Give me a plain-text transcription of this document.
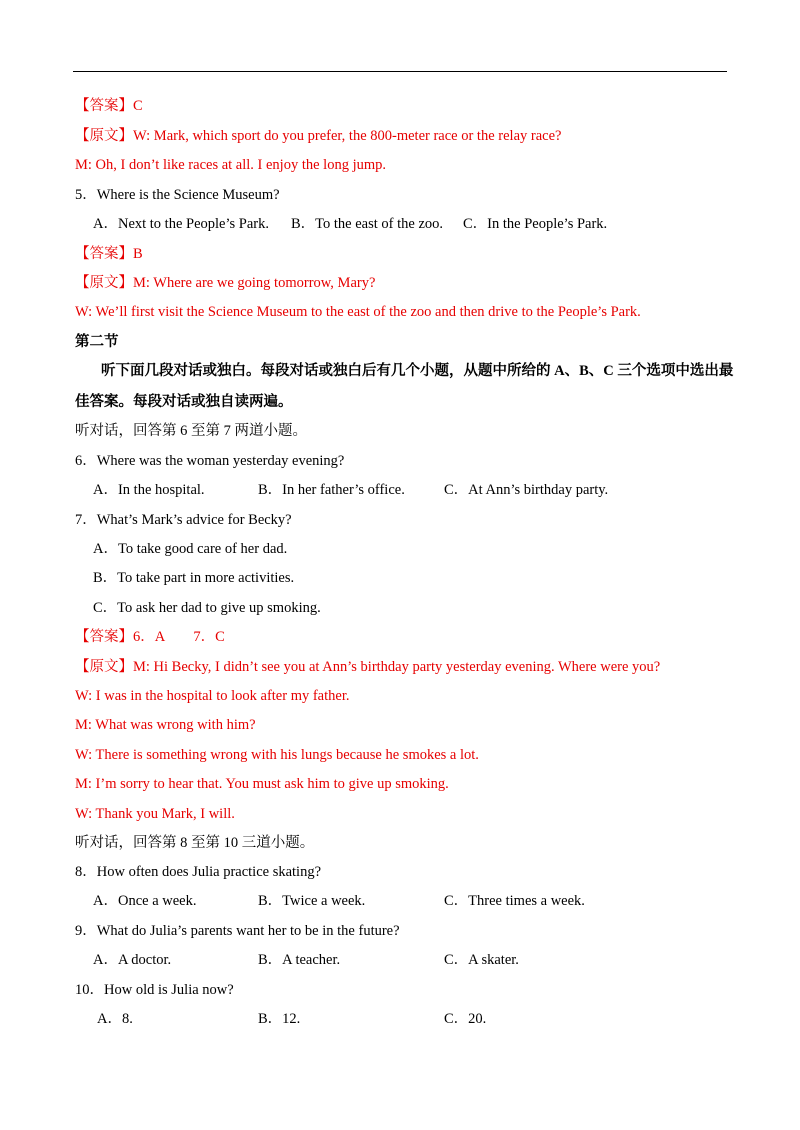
【答案】C
【原文】W: Mark, which sport do you prefer, the 800-meter race or the relay race?
M: Oh, I don’t like races at all. I enjoy the long jump.
5．Where is the Science Museum?
A．Next to the People’s Park. B．To the east of the zoo. C．In the People’s Park.
【答案】B
【原文】M: Where are we going tomorrow, Mary?
W: We’ll first visit the Science Museum to the east of the zoo and then drive to the People’s Park.
第二节
听下面几段对话或独白。每段对话或独白后有几个小题，从题中所给的 A、B、C 三个选项中选出最
佳答案。每段对话或独自读两遍。
听对话，回答第 6 至第 7 两道小题。
6．Where was the woman yesterday evening?
A．In the hospital.	B．In her father’s office.	C．At Ann’s birthday party.
7．What’s Mark’s advice for Becky?
A．To take good care of her dad.
B．To take part in more activities.
C．To ask her dad to give up smoking.
【答案】6．A　　7．C
【原文】M: Hi Becky, I didn’t see you at Ann’s birthday party yesterday evening. Where were you?
W: I was in the hospital to look after my father.
M: What was wrong with him?
W: There is something wrong with his lungs because he smokes a lot.
M: I’m sorry to hear that. You must ask him to give up smoking.
W: Thank you Mark, I will.
听对话，回答第 8 至第 10 三道小题。
8．How often does Julia practice skating?
A．Once a week.	B．Twice a week.	C．Three times a week.
9．What do Julia’s parents want her to be in the future?
A．A doctor.	B．A teacher.	C．A skater.
10．How old is Julia now?
A．8.	B．12.	C．20.
